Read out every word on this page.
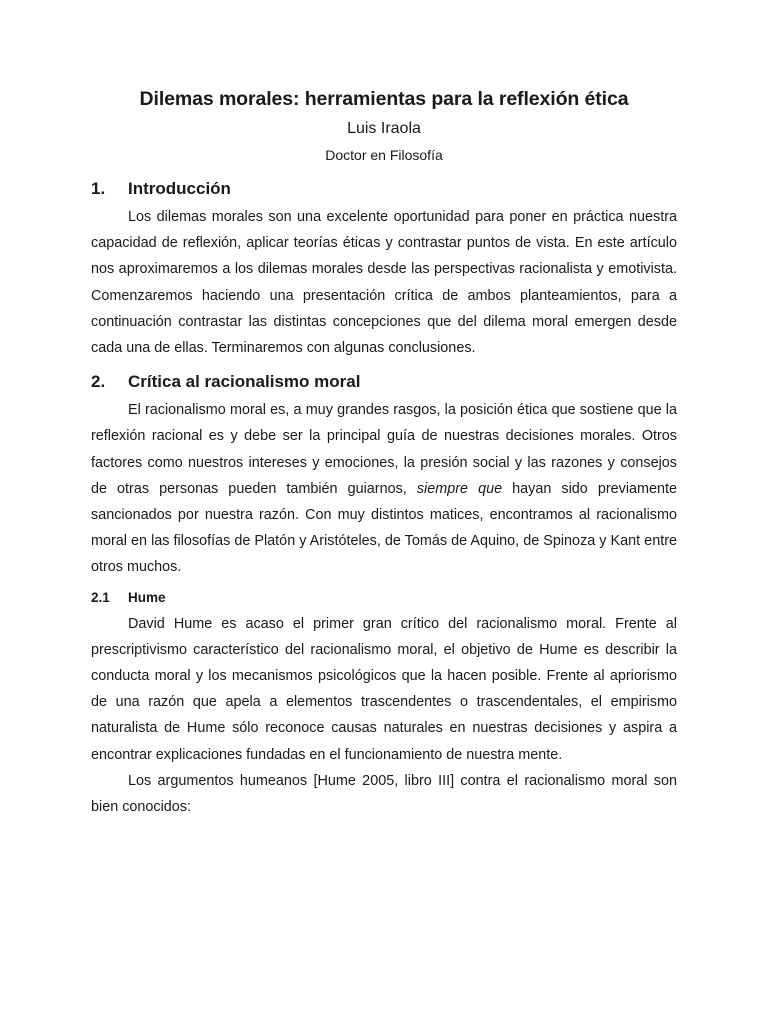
Dilemas morales: herramientas para la reflexión ética

Luis Iraola

Doctor en Filosofía

1.	Introducción

Los dilemas morales son una excelente oportunidad para poner en práctica nuestra capacidad de reflexión, aplicar teorías éticas y contrastar puntos de vista. En este artículo nos aproximaremos a los dilemas morales desde las perspectivas racionalista y emotivista. Comenzaremos haciendo una presentación crítica de ambos planteamientos, para a continuación contrastar las distintas concepciones que del dilema moral emergen desde cada una de ellas. Terminaremos con algunas conclusiones.

2.	Crítica al racionalismo moral

El racionalismo moral es, a muy grandes rasgos, la posición ética que sostiene que la reflexión racional es y debe ser la principal guía de nuestras decisiones morales. Otros factores como nuestros intereses y emociones, la presión social y las razones y consejos de otras personas pueden también guiarnos, siempre que hayan sido previamente sancionados por nuestra razón. Con muy distintos matices, encontramos al racionalismo moral en las filosofías de Platón y Aristóteles, de Tomás de Aquino, de Spinoza y Kant entre otros muchos.

2.1	Hume

David Hume es acaso el primer gran crítico del racionalismo moral. Frente al prescriptivismo característico del racionalismo moral, el objetivo de Hume es describir la conducta moral y los mecanismos psicológicos que la hacen posible. Frente al apriorismo de una razón que apela a elementos trascendentes o trascendentales, el empirismo naturalista de Hume sólo reconoce causas naturales en nuestras decisiones y aspira a encontrar explicaciones fundadas en el funcionamiento de nuestra mente.

Los argumentos humeanos [Hume 2005, libro III] contra el racionalismo moral son bien conocidos:
